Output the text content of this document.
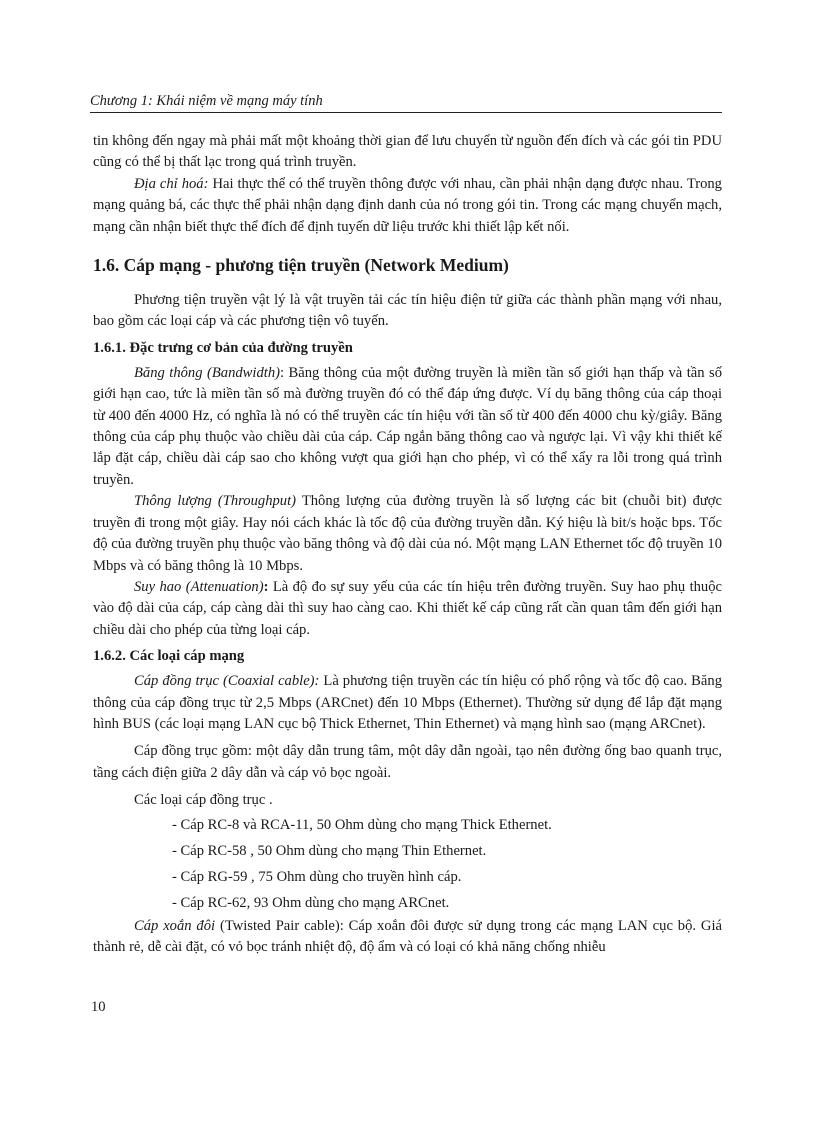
Chương 1: Khái niệm về mạng máy tính

tin không đến ngay mà phải mất một khoảng thời gian để lưu chuyển từ nguồn đến đích và các gói tin PDU cũng có thể bị thất lạc trong quá trình truyền.

Địa chỉ hoá: Hai thực thể có thể truyền thông được với nhau, cần phải nhận dạng được nhau. Trong mạng quảng bá, các thực thể phải nhận dạng định danh của nó trong gói tin. Trong các mạng chuyển mạch, mạng cần nhận biết thực thể đích để định tuyến dữ liệu trước khi thiết lập kết nối.

1.6. Cáp mạng - phương tiện truyền (Network Medium)

Phương tiện truyền vật lý là vật truyền tải các tín hiệu điện tử giữa các thành phần mạng với nhau, bao gồm các loại cáp và các phương tiện vô tuyến.

1.6.1. Đặc trưng cơ bản của đường truyền

Băng thông (Bandwidth): Băng thông của một đường truyền là miền tần số giới hạn thấp và tần số giới hạn cao, tức là miền tần số mà đường truyền đó có thể đáp ứng được. Ví dụ băng thông của cáp thoại từ 400 đến 4000 Hz, có nghĩa là nó có thể truyền các tín hiệu với tần số từ 400 đến 4000 chu kỳ/giây. Băng thông của cáp phụ thuộc vào chiều dài của cáp. Cáp ngắn băng thông cao và ngược lại. Vì vậy khi thiết kế lắp đặt cáp, chiều dài cáp sao cho không vượt qua giới hạn cho phép, vì có thể xẩy ra lỗi trong quá trình truyền.

Thông lượng (Throughput) Thông lượng của đường truyền là số lượng các bit (chuỗi bit) được truyền đi trong một giây. Hay nói cách khác là tốc độ của đường truyền dẫn. Ký hiệu là bit/s hoặc bps. Tốc độ của đường truyền phụ thuộc vào băng thông và độ dài của nó. Một mạng LAN Ethernet tốc độ truyền 10 Mbps và có băng thông là 10 Mbps.

Suy hao (Attenuation): Là độ đo sự suy yếu của các tín hiệu trên đường truyền. Suy hao phụ thuộc vào độ dài của cáp, cáp càng dài thì suy hao càng cao. Khi thiết kế cáp cũng rất cần quan tâm đến giới hạn chiều dài cho phép của từng loại cáp.

1.6.2. Các loại cáp mạng

Cáp đồng trục (Coaxial cable): Là phương tiện truyền các tín hiệu có phổ rộng và tốc độ cao. Băng thông của cáp đồng trục từ 2,5 Mbps (ARCnet) đến 10 Mbps (Ethernet). Thường sử dụng để lắp đặt mạng hình BUS (các loại mạng LAN cục bộ Thick Ethernet, Thin Ethernet) và mạng hình sao (mạng ARCnet).

Cáp đồng trục gồm: một dây dẫn trung tâm, một dây dẫn ngoài, tạo nên đường ống bao quanh trục, tầng cách điện giữa 2 dây dẫn và cáp vỏ bọc ngoài.

Các loại cáp đồng trục .

- Cáp RC-8 và RCA-11, 50 Ohm dùng cho mạng Thick Ethernet.
- Cáp RC-58 , 50 Ohm dùng cho mạng Thin Ethernet.
- Cáp RG-59 , 75 Ohm dùng cho truyền hình cáp.
- Cáp RC-62, 93 Ohm dùng cho mạng ARCnet.

Cáp xoắn đôi (Twisted Pair cable): Cáp xoắn đôi được sử dụng trong các mạng LAN cục bộ. Giá thành rẻ, dễ cài đặt, có vỏ bọc tránh nhiệt độ, độ ẩm và có loại có khả năng chống nhiễu

10
